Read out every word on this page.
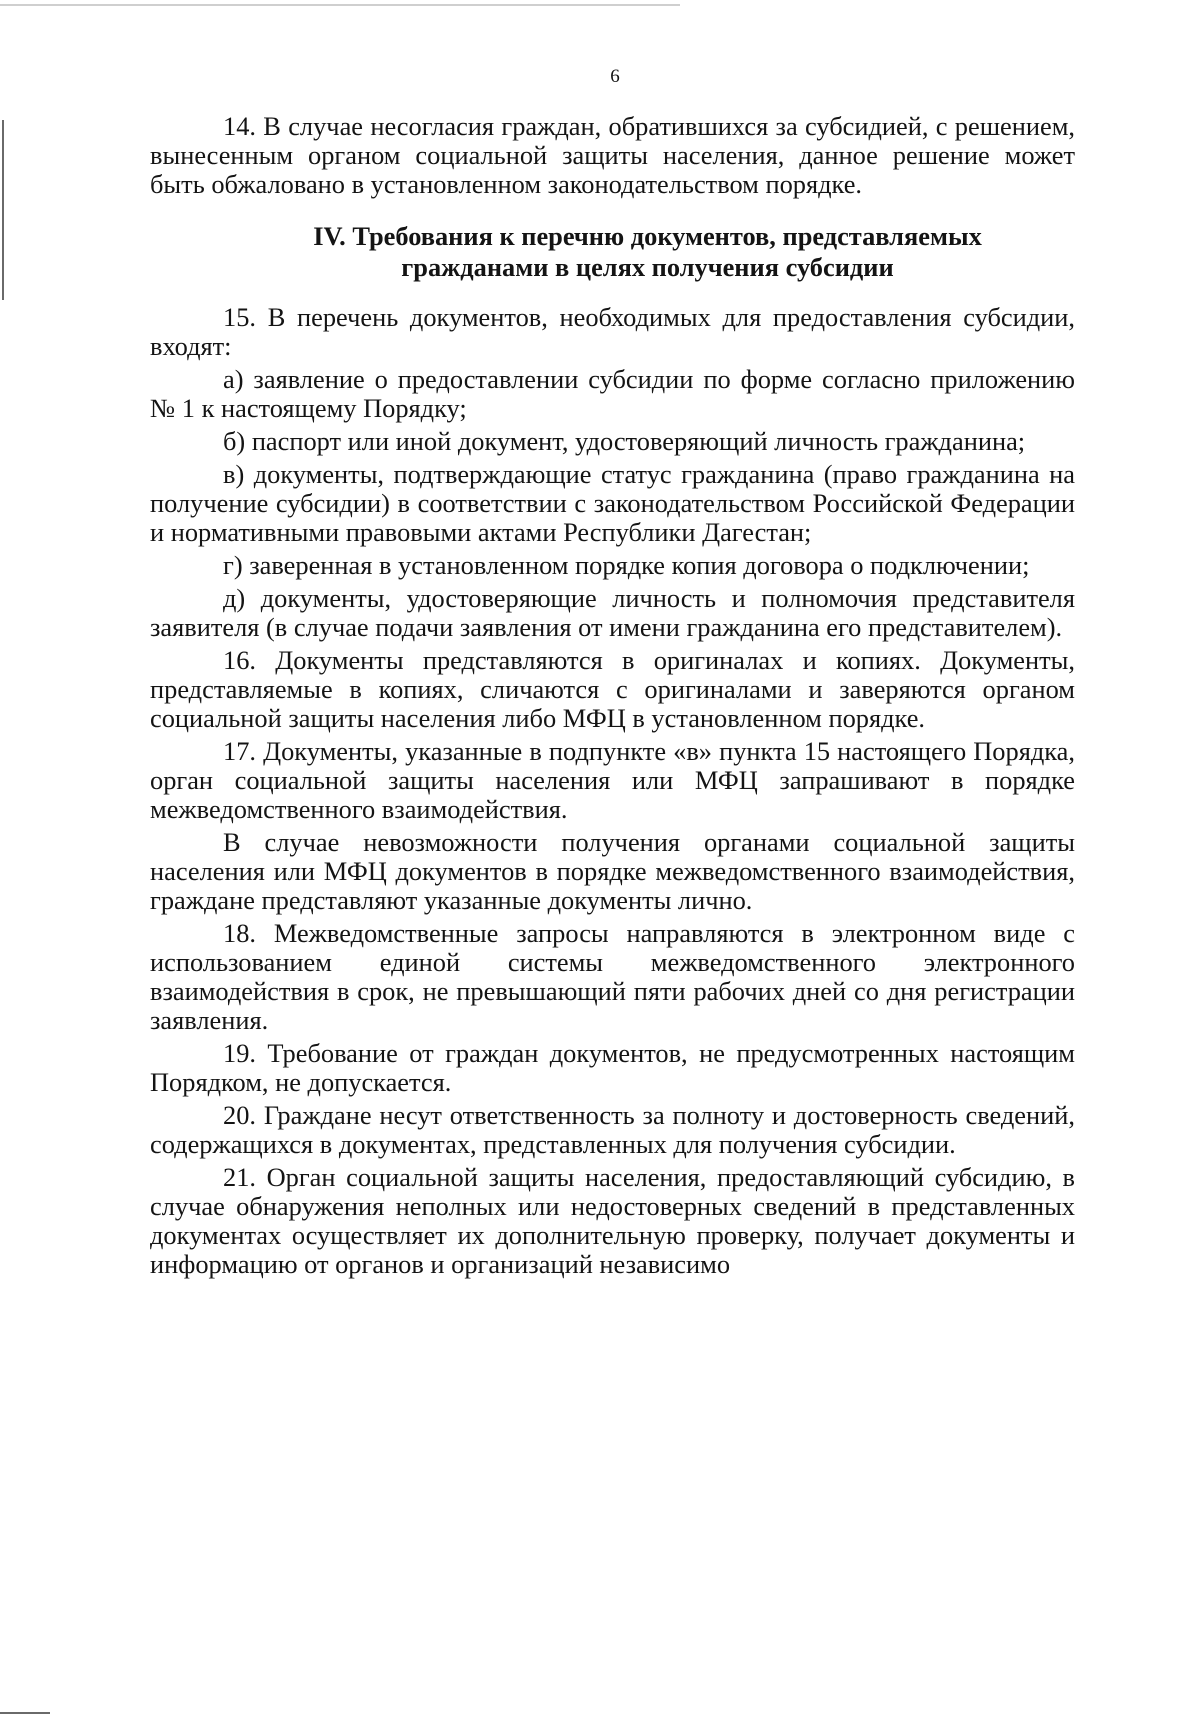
6

14. В случае несогласия граждан, обратившихся за субсидией, с решением, вынесенным органом социальной защиты населения, данное решение может быть обжаловано в установленном законодательством порядке.

IV. Требования к перечню документов, представляемых
гражданами в целях получения субсидии

15. В перечень документов, необходимых для предоставления субсидии, входят:

а) заявление о предоставлении субсидии по форме согласно приложению № 1 к настоящему Порядку;

б) паспорт или иной документ, удостоверяющий личность гражданина;

в) документы, подтверждающие статус гражданина (право гражданина на получение субсидии) в соответствии с законодательством Российской Федерации и нормативными правовыми актами Республики Дагестан;

г) заверенная в установленном порядке копия договора о подключении;

д) документы, удостоверяющие личность и полномочия представителя заявителя (в случае подачи заявления от имени гражданина его представителем).

16. Документы представляются в оригиналах и копиях. Документы, представляемые в копиях, сличаются с оригиналами и заверяются органом социальной защиты населения либо МФЦ в установленном порядке.

17. Документы, указанные в подпункте «в» пункта 15 настоящего Порядка, орган социальной защиты населения или МФЦ запрашивают в порядке межведомственного взаимодействия.

В случае невозможности получения органами социальной защиты населения или МФЦ документов в порядке межведомственного взаимодействия, граждане представляют указанные документы лично.

18. Межведомственные запросы направляются в электронном виде с использованием единой системы межведомственного электронного взаимодействия в срок, не превышающий пяти рабочих дней со дня регистрации заявления.

19. Требование от граждан документов, не предусмотренных настоящим Порядком, не допускается.

20. Граждане несут ответственность за полноту и достоверность сведений, содержащихся в документах, представленных для получения субсидии.

21. Орган социальной защиты населения, предоставляющий субсидию, в случае обнаружения неполных или недостоверных сведений в представленных документах осуществляет их дополнительную проверку, получает документы и информацию от органов и организаций независимо
